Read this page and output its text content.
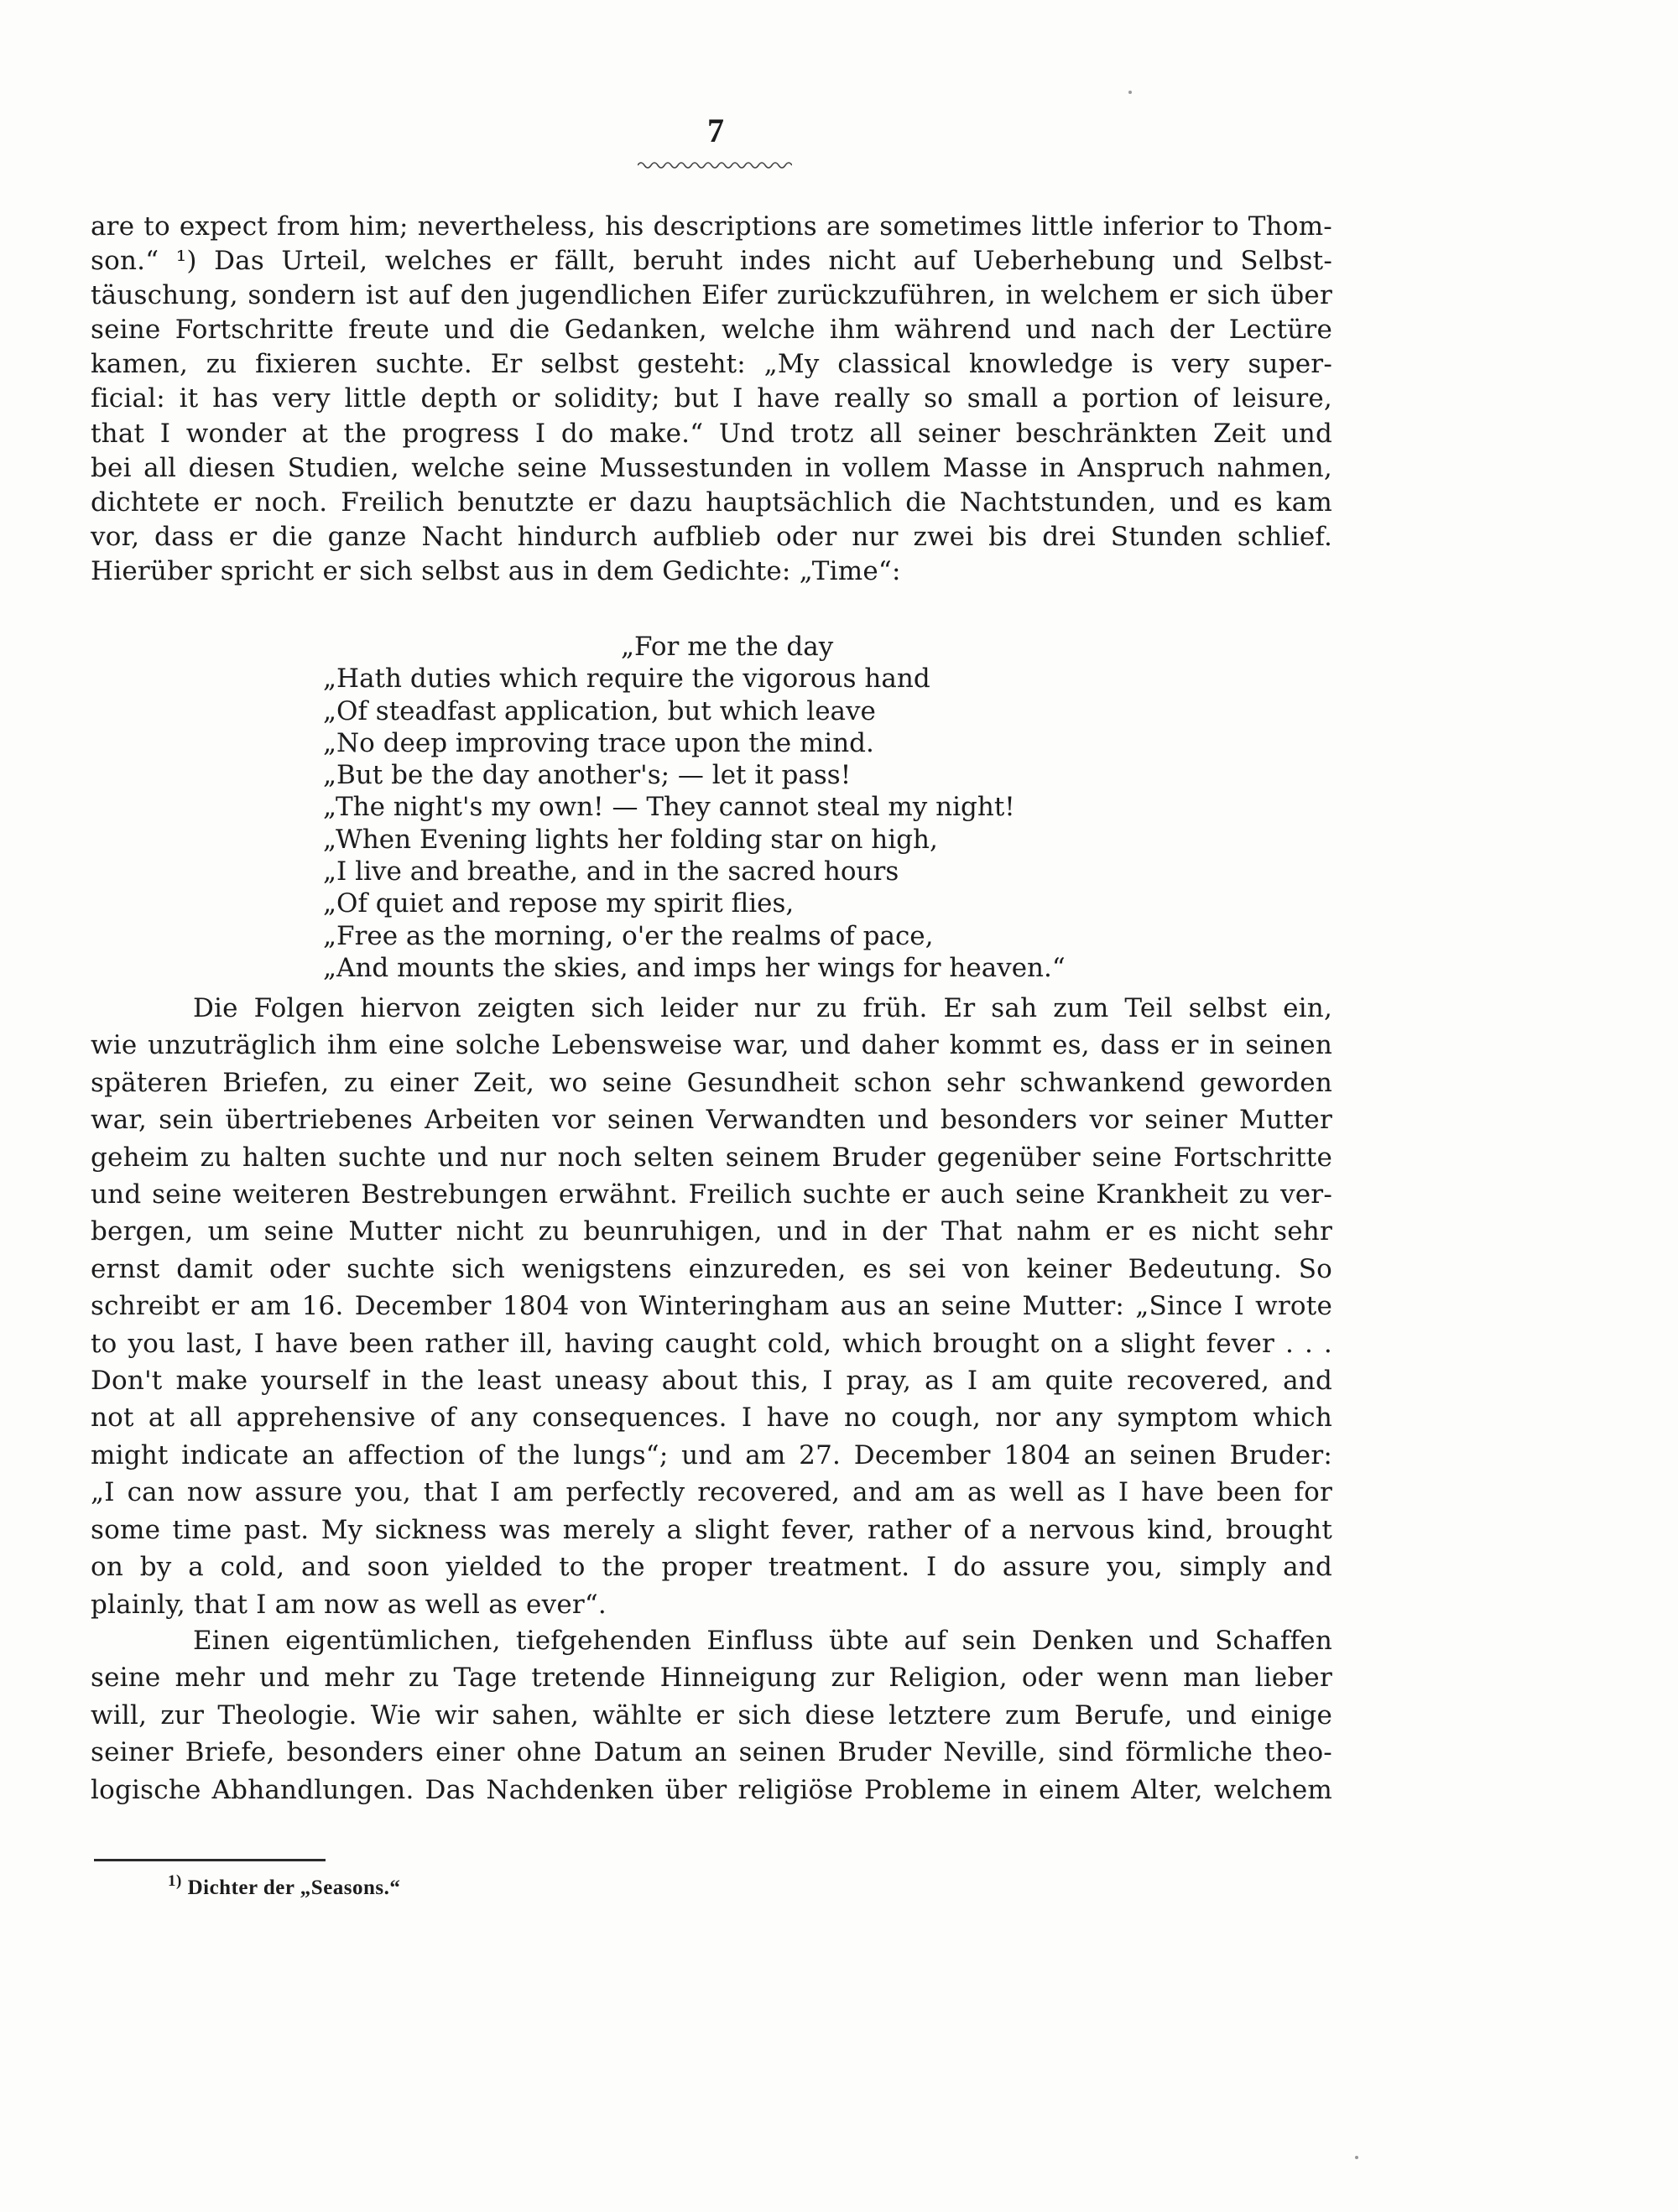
7
are to expect from him; nevertheless, his descriptions are sometimes little inferior to Thom-
son.“ ¹) Das Urteil, welches er fällt, beruht indes nicht auf Ueberhebung und Selbst-
täuschung, sondern ist auf den jugendlichen Eifer zurückzuführen, in welchem er sich über
seine Fortschritte freute und die Gedanken, welche ihm während und nach der Lectüre
kamen, zu fixieren suchte. Er selbst gesteht: „My classical knowledge is very super-
ficial: it has very little depth or solidity; but I have really so small a portion of leisure,
that I wonder at the progress I do make.“ Und trotz all seiner beschränkten Zeit und
bei all diesen Studien, welche seine Mussestunden in vollem Masse in Anspruch nahmen,
dichtete er noch. Freilich benutzte er dazu hauptsächlich die Nachtstunden, und es kam
vor, dass er die ganze Nacht hindurch aufblieb oder nur zwei bis drei Stunden schlief.
Hierüber spricht er sich selbst aus in dem Gedichte: „Time“:
„For me the day
„Hath duties which require the vigorous hand
„Of steadfast application, but which leave
„No deep improving trace upon the mind.
„But be the day another's; — let it pass!
„The night's my own! — They cannot steal my night!
„When Evening lights her folding star on high,
„I live and breathe, and in the sacred hours
„Of quiet and repose my spirit flies,
„Free as the morning, o'er the realms of pace,
„And mounts the skies, and imps her wings for heaven.“
Die Folgen hiervon zeigten sich leider nur zu früh. Er sah zum Teil selbst ein,
wie unzuträglich ihm eine solche Lebensweise war, und daher kommt es, dass er in seinen
späteren Briefen, zu einer Zeit, wo seine Gesundheit schon sehr schwankend geworden
war, sein übertriebenes Arbeiten vor seinen Verwandten und besonders vor seiner Mutter
geheim zu halten suchte und nur noch selten seinem Bruder gegenüber seine Fortschritte
und seine weiteren Bestrebungen erwähnt. Freilich suchte er auch seine Krankheit zu ver-
bergen, um seine Mutter nicht zu beunruhigen, und in der That nahm er es nicht sehr
ernst damit oder suchte sich wenigstens einzureden, es sei von keiner Bedeutung. So
schreibt er am 16. December 1804 von Winteringham aus an seine Mutter: „Since I wrote
to you last, I have been rather ill, having caught cold, which brought on a slight fever . . .
Don't make yourself in the least uneasy about this, I pray, as I am quite recovered, and
not at all apprehensive of any consequences. I have no cough, nor any symptom which
might indicate an affection of the lungs“; und am 27. December 1804 an seinen Bruder:
„I can now assure you, that I am perfectly recovered, and am as well as I have been for
some time past. My sickness was merely a slight fever, rather of a nervous kind, brought
on by a cold, and soon yielded to the proper treatment. I do assure you, simply and
plainly, that I am now as well as ever“.
Einen eigentümlichen, tiefgehenden Einfluss übte auf sein Denken und Schaffen
seine mehr und mehr zu Tage tretende Hinneigung zur Religion, oder wenn man lieber
will, zur Theologie. Wie wir sahen, wählte er sich diese letztere zum Berufe, und einige
seiner Briefe, besonders einer ohne Datum an seinen Bruder Neville, sind förmliche theo-
logische Abhandlungen. Das Nachdenken über religiöse Probleme in einem Alter, welchem
$^{1)}$ Dichter der „Seasons.“
